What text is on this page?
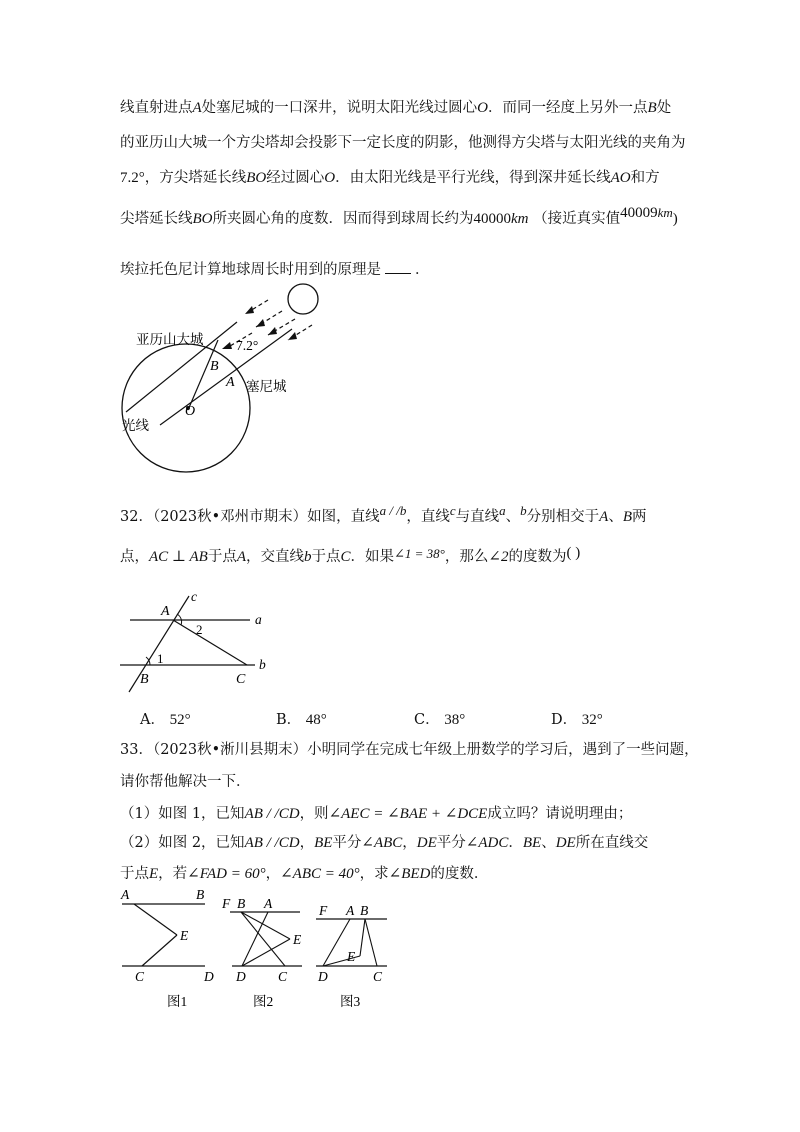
线直射进点A处塞尼城的一口深井，说明太阳光线过圆心O．而同一经度上另外一点B处
的亚历山大城一个方尖塔却会投影下一定长度的阴影，他测得方尖塔与太阳光线的夹角为
7.2°，方尖塔延长线BO经过圆心O．由太阳光线是平行光线，得到深井延长线AO和方
尖塔延长线BO所夹圆心角的度数．因而得到球周长约为40000km （接近真实值40009km)
埃拉托色尼计算地球周长时用到的原理是 ．
亚历山大城 7.2°
B
A 塞尼城
O
光线
32．（2023秋•邓州市期末）如图，直线a / /b，直线c与直线a、b分别相交于A、B两
点，AC ⊥ AB于点A，交直线b于点C．如果∠1 = 38°，那么∠2的度数为( )
c
A
2
a
1	b
B	C
A． 52°	B． 48°	C． 38°	D． 32°
33．（2023秋•淅川县期末）小明同学在完成七年级上册数学的学习后，遇到了一些问题，
请你帮他解决一下．
（1）如图 1，已知AB / /CD，则∠AEC = ∠BAE + ∠DCE成立吗？请说明理由；
（2）如图 2，已知AB / /CD，BE平分∠ABC，DE平分∠ADC．BE、DE所在直线交
于点E，若∠FAD = 60°，∠ABC = 40°，求∠BED的度数．
A	B
E
C	D
图1
F B A
E
D C
图2
F A B
E
D	C
图3
